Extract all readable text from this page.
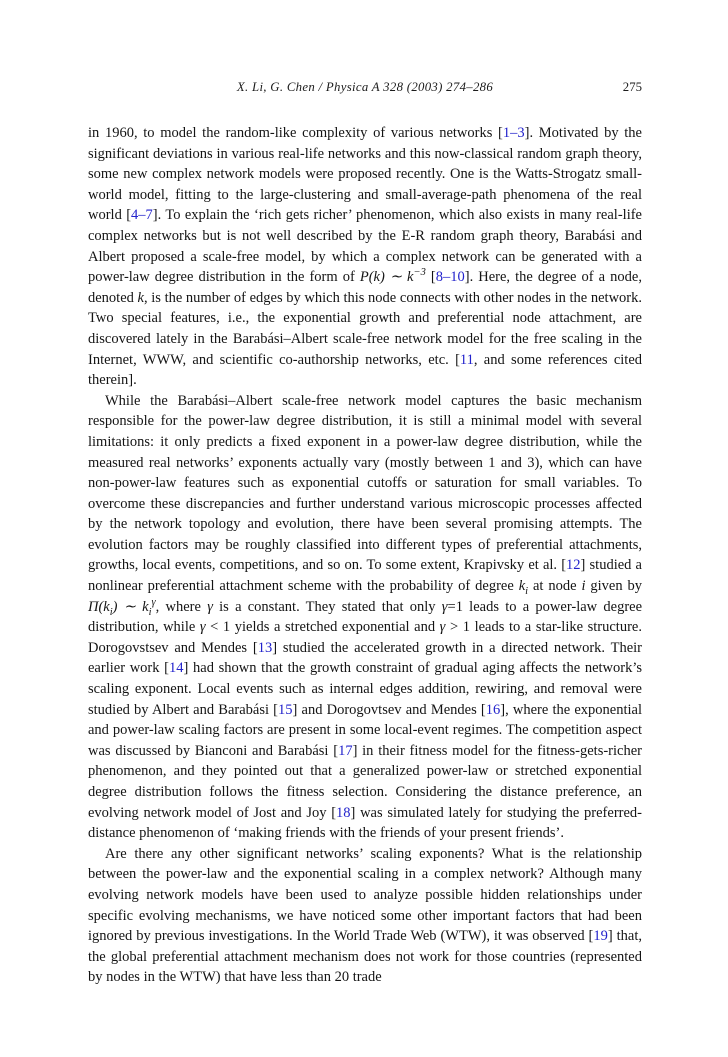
X. Li, G. Chen / Physica A 328 (2003) 274–286	275

in 1960, to model the random-like complexity of various networks [1–3]. Motivated by the significant deviations in various real-life networks and this now-classical random graph theory, some new complex network models were proposed recently. One is the Watts-Strogatz small-world model, fitting to the large-clustering and small-average-path phenomena of the real world [4–7]. To explain the ‘rich gets richer’ phenomenon, which also exists in many real-life complex networks but is not well described by the E-R random graph theory, Barabási and Albert proposed a scale-free model, by which a complex network can be generated with a power-law degree distribution in the form of P(k) ∼ $k^{-3}$ [8–10]. Here, the degree of a node, denoted k, is the number of edges by which this node connects with other nodes in the network. Two special features, i.e., the exponential growth and preferential node attachment, are discovered lately in the Barabási–Albert scale-free network model for the free scaling in the Internet, WWW, and scientific co-authorship networks, etc. [11, and some references cited therein].

While the Barabási–Albert scale-free network model captures the basic mechanism responsible for the power-law degree distribution, it is still a minimal model with several limitations: it only predicts a fixed exponent in a power-law degree distribution, while the measured real networks’ exponents actually vary (mostly between 1 and 3), which can have non-power-law features such as exponential cutoffs or saturation for small variables. To overcome these discrepancies and further understand various microscopic processes affected by the network topology and evolution, there have been several promising attempts. The evolution factors may be roughly classified into different types of preferential attachments, growths, local events, competitions, and so on. To some extent, Krapivsky et al. [12] studied a nonlinear preferential attachment scheme with the probability of degree $k_i$ at node i given by $\Pi(k_i)$ ∼ $k_i^\gamma$, where γ is a constant. They stated that only γ=1 leads to a power-law degree distribution, while γ < 1 yields a stretched exponential and γ > 1 leads to a star-like structure. Dorogovstsev and Mendes [13] studied the accelerated growth in a directed network. Their earlier work [14] had shown that the growth constraint of gradual aging affects the network’s scaling exponent. Local events such as internal edges addition, rewiring, and removal were studied by Albert and Barabási [15] and Dorogovtsev and Mendes [16], where the exponential and power-law scaling factors are present in some local-event regimes. The competition aspect was discussed by Bianconi and Barabási [17] in their fitness model for the fitness-gets-richer phenomenon, and they pointed out that a generalized power-law or stretched exponential degree distribution follows the fitness selection. Considering the distance preference, an evolving network model of Jost and Joy [18] was simulated lately for studying the preferred-distance phenomenon of ‘making friends with the friends of your present friends’.

Are there any other significant networks’ scaling exponents? What is the relationship between the power-law and the exponential scaling in a complex network? Although many evolving network models have been used to analyze possible hidden relationships under specific evolving mechanisms, we have noticed some other important factors that had been ignored by previous investigations. In the World Trade Web (WTW), it was observed [19] that, the global preferential attachment mechanism does not work for those countries (represented by nodes in the WTW) that have less than 20 trade
